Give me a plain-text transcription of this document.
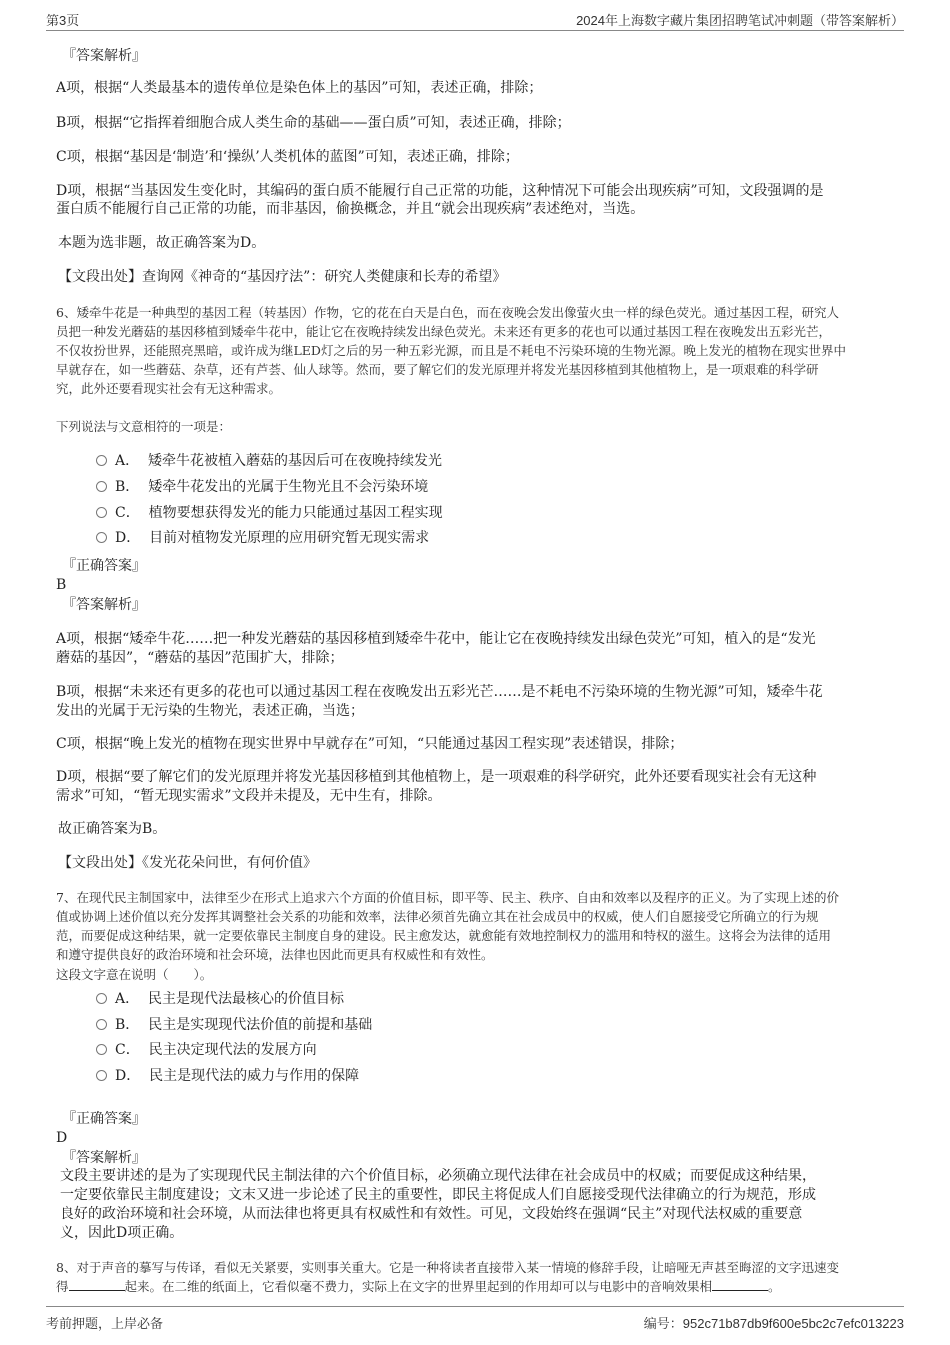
第3页	2024年上海数字藏片集团招聘笔试冲刺题（带答案解析）
『答案解析』
A项，根据“人类最基本的遗传单位是染色体上的基因”可知，表述正确，排除；
B项，根据“它指挥着细胞合成人类生命的基础——蛋白质”可知，表述正确，排除；
C项，根据“基因是‘制造’和‘操纵’人类机体的蓝图”可知，表述正确，排除；
D项，根据“当基因发生变化时，其编码的蛋白质不能履行自己正常的功能，这种情况下可能会出现疾病”可知，文段强调的是
蛋白质不能履行自己正常的功能，而非基因，偷换概念，并且“就会出现疾病”表述绝对，当选。
本题为选非题，故正确答案为D。
【文段出处】查询网《神奇的“基因疗法”：研究人类健康和长寿的希望》
6、矮牵牛花是一种典型的基因工程（转基因）作物，它的花在白天是白色，而在夜晚会发出像萤火虫一样的绿色荧光。通过基因工程，研究人
员把一种发光蘑菇的基因移植到矮牵牛花中，能让它在夜晚持续发出绿色荧光。未来还有更多的花也可以通过基因工程在夜晚发出五彩光芒，
不仅妆扮世界，还能照亮黑暗，或许成为继LED灯之后的另一种五彩光源，而且是不耗电不污染环境的生物光源。晚上发光的植物在现实世界中
早就存在，如一些蘑菇、杂草，还有芦荟、仙人球等。然而，要了解它们的发光原理并将发光基因移植到其他植物上，是一项艰难的科学研
究，此外还要看现实社会有无这种需求。
下列说法与文意相符的一项是：
A． 矮牵牛花被植入蘑菇的基因后可在夜晚持续发光
B． 矮牵牛花发出的光属于生物光且不会污染环境
C． 植物要想获得发光的能力只能通过基因工程实现
D． 目前对植物发光原理的应用研究暂无现实需求
『正确答案』
B
『答案解析』
A项，根据“矮牵牛花……把一种发光蘑菇的基因移植到矮牵牛花中，能让它在夜晚持续发出绿色荧光”可知，植入的是“发光
蘑菇的基因”，“蘑菇的基因”范围扩大，排除；
B项，根据“未来还有更多的花也可以通过基因工程在夜晚发出五彩光芒……是不耗电不污染环境的生物光源”可知，矮牵牛花
发出的光属于无污染的生物光，表述正确，当选；
C项，根据“晚上发光的植物在现实世界中早就存在”可知，“只能通过基因工程实现”表述错误，排除；
D项，根据“要了解它们的发光原理并将发光基因移植到其他植物上，是一项艰难的科学研究，此外还要看现实社会有无这种
需求”可知，“暂无现实需求”文段并未提及，无中生有，排除。
故正确答案为B。
【文段出处】《发光花朵问世，有何价值》
7、在现代民主制国家中，法律至少在形式上追求六个方面的价值目标，即平等、民主、秩序、自由和效率以及程序的正义。为了实现上述的价
值或协调上述价值以充分发挥其调整社会关系的功能和效率，法律必须首先确立其在社会成员中的权威，使人们自愿接受它所确立的行为规
范，而要促成这种结果，就一定要依靠民主制度自身的建设。民主愈发达，就愈能有效地控制权力的滥用和特权的滋生。这将会为法律的适用
和遵守提供良好的政治环境和社会环境，法律也因此而更具有权威性和有效性。
这段文字意在说明（　　）。
A． 民主是现代法最核心的价值目标
B． 民主是实现现代法价值的前提和基础
C． 民主决定现代法的发展方向
D． 民主是现代法的威力与作用的保障
『正确答案』
D
『答案解析』
文段主要讲述的是为了实现现代民主制法律的六个价值目标，必须确立现代法律在社会成员中的权威；而要促成这种结果，
一定要依靠民主制度建设；文末又进一步论述了民主的重要性，即民主将促成人们自愿接受现代法律确立的行为规范，形成
良好的政治环境和社会环境，从而法律也将更具有权威性和有效性。可见，文段始终在强调“民主”对现代法权威的重要意
义，因此D项正确。
8、对于声音的摹写与传译，看似无关紧要，实则事关重大。它是一种将读者直接带入某一情境的修辞手段，让暗哑无声甚至晦涩的文字迅速变
得	起来。在二维的纸面上，它看似毫不费力，实际上在文字的世界里起到的作用却可以与电影中的音响效果相	。
考前押题，上岸必备	编号：952c71b87db9f600e5bc2c7efc013223
